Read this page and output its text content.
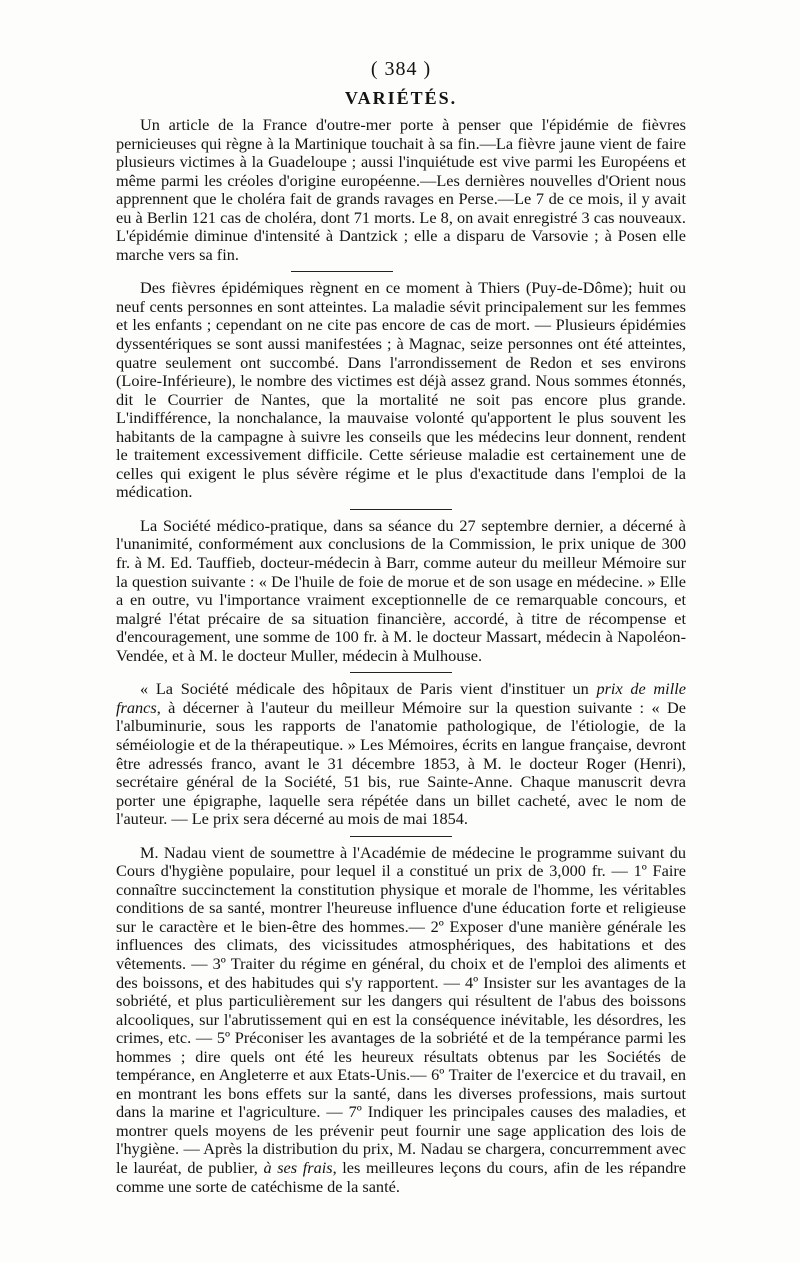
( 384 )
VARIÉTÉS.

Un article de la France d'outre-mer porte à penser que l'épidémie de fièvres pernicieuses qui règne à la Martinique touchait à sa fin.—La fièvre jaune vient de faire plusieurs victimes à la Guadeloupe ; aussi l'inquiétude est vive parmi les Européens et même parmi les créoles d'origine européenne.—Les dernières nouvelles d'Orient nous apprennent que le choléra fait de grands ravages en Perse.—Le 7 de ce mois, il y avait eu à Berlin 121 cas de choléra, dont 71 morts. Le 8, on avait enregistré 3 cas nouveaux. L'épidémie diminue d'intensité à Dantzick ; elle a disparu de Varsovie ; à Posen elle marche vers sa fin.

Des fièvres épidémiques règnent en ce moment à Thiers (Puy-de-Dôme); huit ou neuf cents personnes en sont atteintes. La maladie sévit principalement sur les femmes et les enfants ; cependant on ne cite pas encore de cas de mort. — Plusieurs épidémies dyssentériques se sont aussi manifestées ; à Magnac, seize personnes ont été atteintes, quatre seulement ont succombé. Dans l'arrondissement de Redon et ses environs (Loire-Inférieure), le nombre des victimes est déjà assez grand. Nous sommes étonnés, dit le Courrier de Nantes, que la mortalité ne soit pas encore plus grande. L'indifférence, la nonchalance, la mauvaise volonté qu'apportent le plus souvent les habitants de la campagne à suivre les conseils que les médecins leur donnent, rendent le traitement excessivement difficile. Cette sérieuse maladie est certainement une de celles qui exigent le plus sévère régime et le plus d'exactitude dans l'emploi de la médication.

La Société médico-pratique, dans sa séance du 27 septembre dernier, a décerné à l'unanimité, conformément aux conclusions de la Commission, le prix unique de 300 fr. à M. Ed. Tauffieb, docteur-médecin à Barr, comme auteur du meilleur Mémoire sur la question suivante : « De l'huile de foie de morue et de son usage en médecine. » Elle a en outre, vu l'importance vraiment exceptionnelle de ce remarquable concours, et malgré l'état précaire de sa situation financière, accordé, à titre de récompense et d'encouragement, une somme de 100 fr. à M. le docteur Massart, médecin à Napoléon-Vendée, et à M. le docteur Muller, médecin à Mulhouse.

« La Société médicale des hôpitaux de Paris vient d'instituer un prix de mille francs, à décerner à l'auteur du meilleur Mémoire sur la question suivante : « De l'albuminurie, sous les rapports de l'anatomie pathologique, de l'étiologie, de la séméiologie et de la thérapeutique. » Les Mémoires, écrits en langue française, devront être adressés franco, avant le 31 décembre 1853, à M. le docteur Roger (Henri), secrétaire général de la Société, 51 bis, rue Sainte-Anne. Chaque manuscrit devra porter une épigraphe, laquelle sera répétée dans un billet cacheté, avec le nom de l'auteur. — Le prix sera décerné au mois de mai 1854.

M. Nadau vient de soumettre à l'Académie de médecine le programme suivant du Cours d'hygiène populaire, pour lequel il a constitué un prix de 3,000 fr. — 1º Faire connaître succinctement la constitution physique et morale de l'homme, les véritables conditions de sa santé, montrer l'heureuse influence d'une éducation forte et religieuse sur le caractère et le bien-être des hommes.— 2º Exposer d'une manière générale les influences des climats, des vicissitudes atmosphériques, des habitations et des vêtements. — 3º Traiter du régime en général, du choix et de l'emploi des aliments et des boissons, et des habitudes qui s'y rapportent. — 4º Insister sur les avantages de la sobriété, et plus particulièrement sur les dangers qui résultent de l'abus des boissons alcooliques, sur l'abrutissement qui en est la conséquence inévitable, les désordres, les crimes, etc. — 5º Préconiser les avantages de la sobriété et de la tempérance parmi les hommes ; dire quels ont été les heureux résultats obtenus par les Sociétés de tempérance, en Angleterre et aux Etats-Unis.— 6º Traiter de l'exercice et du travail, en en montrant les bons effets sur la santé, dans les diverses professions, mais surtout dans la marine et l'agriculture. — 7º Indiquer les principales causes des maladies, et montrer quels moyens de les prévenir peut fournir une sage application des lois de l'hygiène. — Après la distribution du prix, M. Nadau se chargera, concurremment avec le lauréat, de publier, à ses frais, les meilleures leçons du cours, afin de les répandre comme une sorte de catéchisme de la santé.
